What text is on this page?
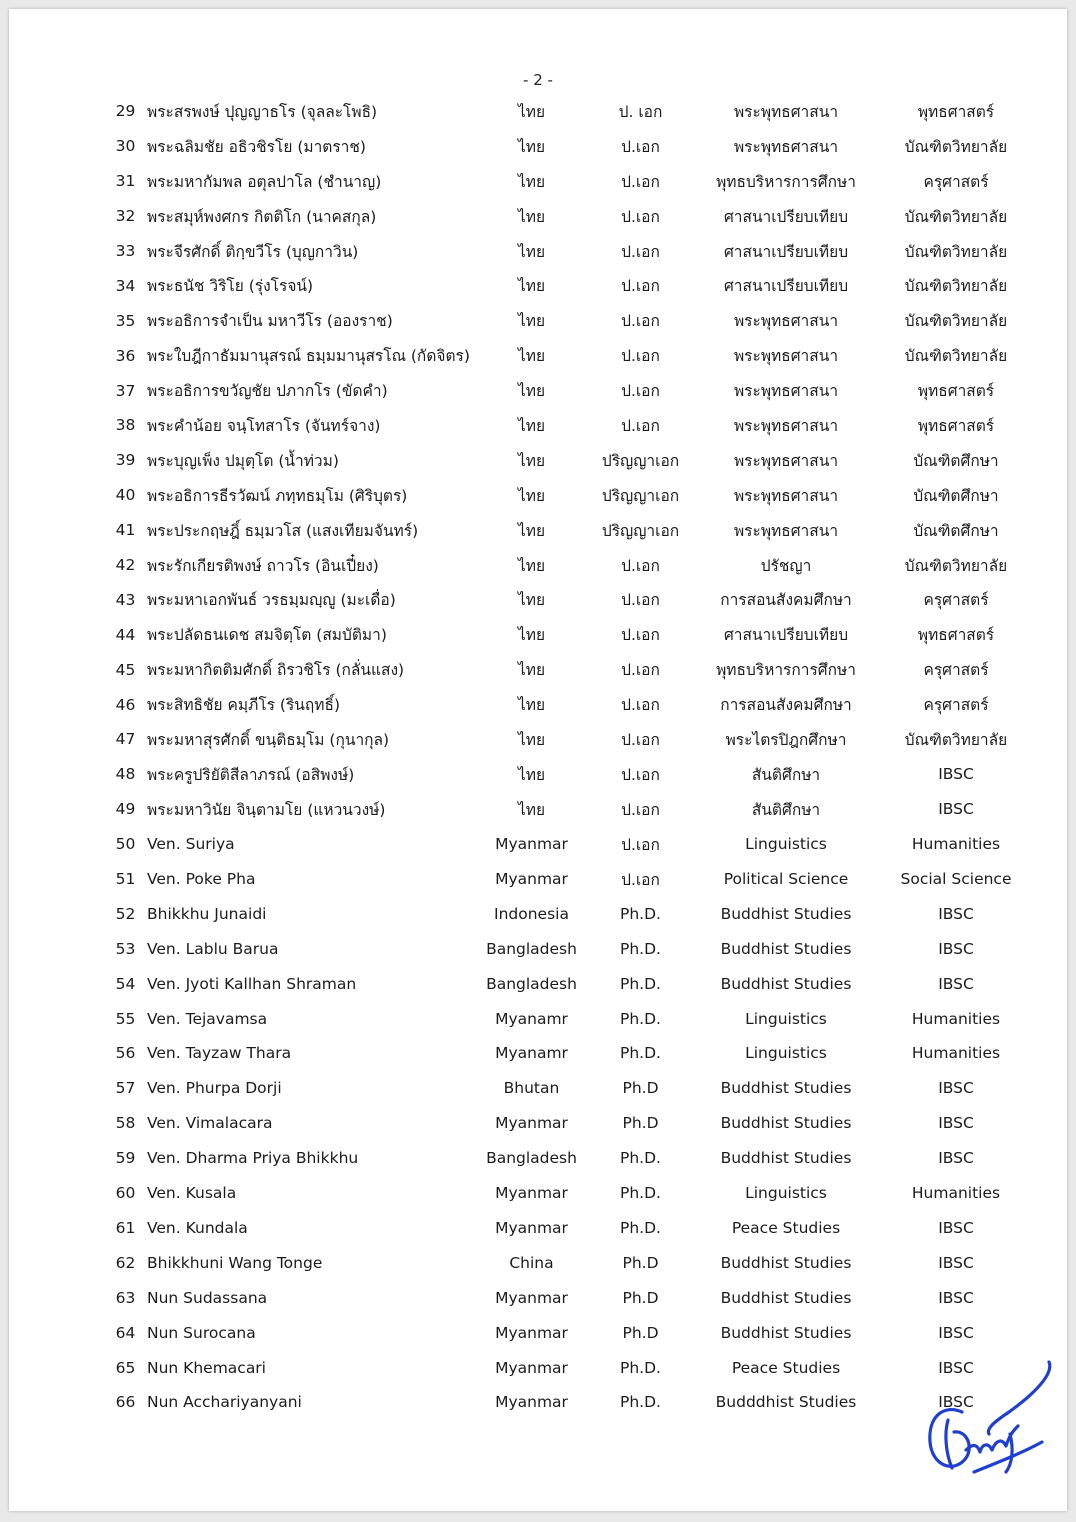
- 2 -
29	พระสรพงษ์ ปุญญาธโร (จุลละโพธิ)	ไทย	ป. เอก	พระพุทธศาสนา	พุทธศาสตร์
30	พระฉลิมชัย อธิวชิรโย (มาตราช)	ไทย	ป.เอก	พระพุทธศาสนา	บัณฑิตวิทยาลัย
31	พระมหากัมพล อตุลปาโล (ชำนาญ)	ไทย	ป.เอก	พุทธบริหารการศึกษา	ครุศาสตร์
32	พระสมุห์พงศกร กิตติโก (นาคสกุล)	ไทย	ป.เอก	ศาสนาเปรียบเทียบ	บัณฑิตวิทยาลัย
33	พระจีรศักดิ์ ติกฺขวีโร (บุญกาวิน)	ไทย	ป.เอก	ศาสนาเปรียบเทียบ	บัณฑิตวิทยาลัย
34	พระธนัช วิริโย (รุ่งโรจน์)	ไทย	ป.เอก	ศาสนาเปรียบเทียบ	บัณฑิตวิทยาลัย
35	พระอธิการจำเป็น มหาวีโร (อองราช)	ไทย	ป.เอก	พระพุทธศาสนา	บัณฑิตวิทยาลัย
36	พระใบฎีกาธัมมานุสรณ์ ธมฺมมานุสรโณ (กัดจิตร)	ไทย	ป.เอก	พระพุทธศาสนา	บัณฑิตวิทยาลัย
37	พระอธิการขวัญชัย ปภากโร (ขัดคำ)	ไทย	ป.เอก	พระพุทธศาสนา	พุทธศาสตร์
38	พระคำน้อย จนฺโทสาโร (จันทร์จาง)	ไทย	ป.เอก	พระพุทธศาสนา	พุทธศาสตร์
39	พระบุญเพ็ง ปมุตฺโต (น้ำท่วม)	ไทย	ปริญญาเอก	พระพุทธศาสนา	บัณฑิตศึกษา
40	พระอธิการธีรวัฒน์ ภทฺทธมฺโม (ศิริบุตร)	ไทย	ปริญญาเอก	พระพุทธศาสนา	บัณฑิตศึกษา
41	พระประกฤษฎิ์ ธมฺมวโส (แสงเทียมจันทร์)	ไทย	ปริญญาเอก	พระพุทธศาสนา	บัณฑิตศึกษา
42	พระรักเกียรติพงษ์ ถาวโร (อินเปี๋ยง)	ไทย	ป.เอก	ปรัชญา	บัณฑิตวิทยาลัย
43	พระมหาเอกพันธ์ วรธมฺมญฺญู (มะเดื่อ)	ไทย	ป.เอก	การสอนสังคมศึกษา	ครุศาสตร์
44	พระปลัดธนเดช สมจิตฺโต (สมบัติมา)	ไทย	ป.เอก	ศาสนาเปรียบเทียบ	พุทธศาสตร์
45	พระมหากิตติมศักดิ์ ถิรวชิโร (กลั่นแสง)	ไทย	ป.เอก	พุทธบริหารการศึกษา	ครุศาสตร์
46	พระสิทธิชัย คมฺภีโร (รินฤทธิ์)	ไทย	ป.เอก	การสอนสังคมศึกษา	ครุศาสตร์
47	พระมหาสุรศักดิ์ ขนฺติธมฺโม (กุนากุล)	ไทย	ป.เอก	พระไตรปิฎกศึกษา	บัณฑิตวิทยาลัย
48	พระครูปริยัติสีลาภรณ์ (อสิพงษ์)	ไทย	ป.เอก	สันติศึกษา	IBSC
49	พระมหาวินัย จินฺตามโย (แหวนวงษ์)	ไทย	ป.เอก	สันติศึกษา	IBSC
50	Ven. Suriya	Myanmar	ป.เอก	Linguistics	Humanities
51	Ven. Poke Pha	Myanmar	ป.เอก	Political Science	Social Science
52	Bhikkhu Junaidi	Indonesia	Ph.D.	Buddhist Studies	IBSC
53	Ven. Lablu Barua	Bangladesh	Ph.D.	Buddhist Studies	IBSC
54	Ven. Jyoti Kallhan Shraman	Bangladesh	Ph.D.	Buddhist Studies	IBSC
55	Ven. Tejavamsa	Myanamr	Ph.D.	Linguistics	Humanities
56	Ven. Tayzaw Thara	Myanamr	Ph.D.	Linguistics	Humanities
57	Ven. Phurpa Dorji	Bhutan	Ph.D	Buddhist Studies	IBSC
58	Ven. Vimalacara	Myanmar	Ph.D	Buddhist Studies	IBSC
59	Ven. Dharma Priya Bhikkhu	Bangladesh	Ph.D.	Buddhist Studies	IBSC
60	Ven. Kusala	Myanmar	Ph.D.	Linguistics	Humanities
61	Ven. Kundala	Myanmar	Ph.D.	Peace Studies	IBSC
62	Bhikkhuni Wang Tonge	China	Ph.D	Buddhist Studies	IBSC
63	Nun Sudassana	Myanmar	Ph.D	Buddhist Studies	IBSC
64	Nun Surocana	Myanmar	Ph.D	Buddhist Studies	IBSC
65	Nun Khemacari	Myanmar	Ph.D.	Peace Studies	IBSC
66	Nun Acchariyanyani	Myanmar	Ph.D.	Budddhist Studies	IBSC
